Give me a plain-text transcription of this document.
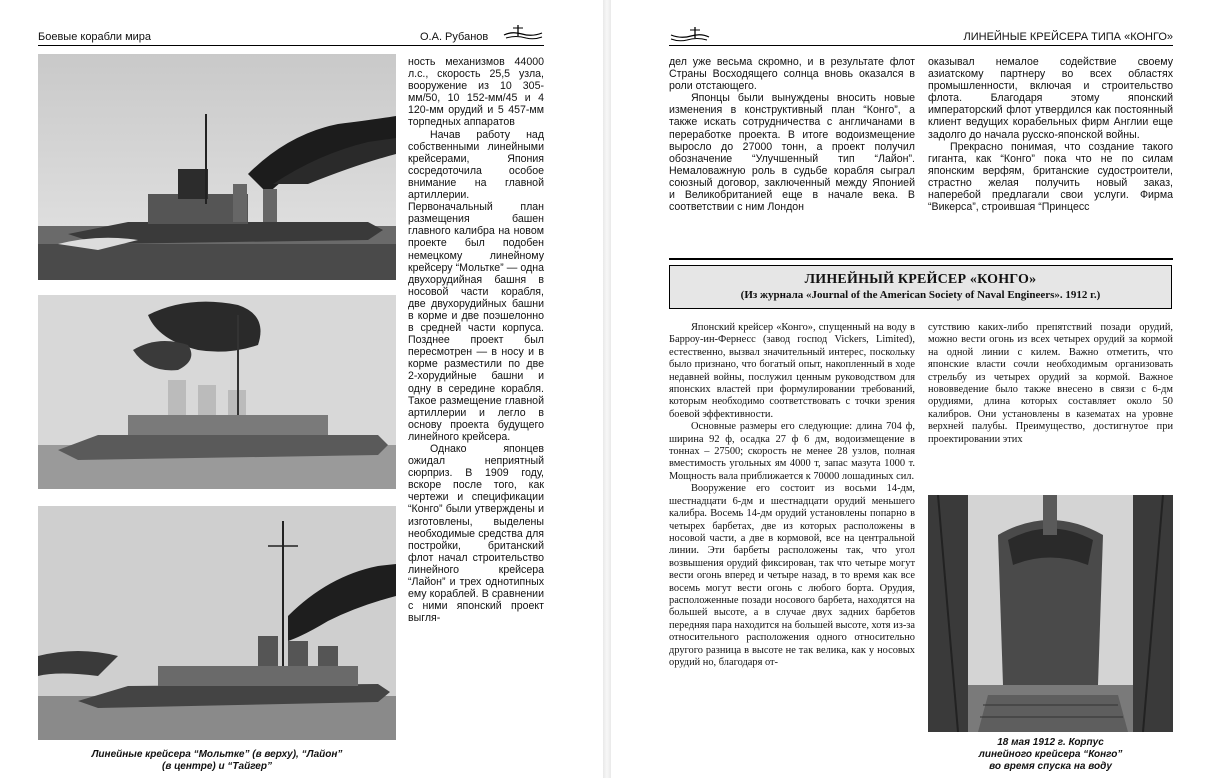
Боевые корабли мира	О.А. Рубанов
Линейные крейсера “Мольтке” (в верху), “Лайон”
(в центре) и “Тайгер”

ность механизмов 44000 л.с., скорость 25,5 узла, вооружение из 10 305-мм/50, 10 152-мм/45 и 4 120-мм орудий и 5 457-мм торпедных аппаратов

Начав работу над собственными линейными крейсерами, Япония сосредоточила особое внимание на главной артиллерии. Первоначальный план размещения башен главного калибра на новом проекте был подобен немецкому линейному крейсеру “Мольтке” — одна двухорудийная башня в носовой части корабля, две двухорудийных башни в корме и две поэшелонно в средней части корпуса. Позднее проект был пересмотрен — в носу и в корме разместили по две 2-хорудийные башни и одну в середине корабля. Такое размещение главной артиллерии и легло в основу проекта будущего линейного крейсера.

Однако японцев ожидал неприятный сюрприз. В 1909 году, вскоре после того, как чертежи и спецификации “Конго” были утверждены и изготовлены, выделены необходимые средства для постройки, британский флот начал строительство линейного крейсера “Лайон” и трех однотипных ему кораблей. В сравнении с ними японский проект выгля-

ЛИНЕЙНЫЕ КРЕЙСЕРА ТИПА «КОНГО»

дел уже весьма скромно, и в результате флот Страны Восходящего солнца вновь оказался в роли отстающего.

Японцы были вынуждены вносить новые изменения в конструктивный план “Конго”, а также искать сотрудничества с англичанами в переработке проекта. В итоге водоизмещение выросло до 27000 тонн, а проект получил обозначение “Улучшенный тип “Лайон”. Немаловажную роль в судьбе корабля сыграл союзный договор, заключенный между Японией и Великобританией еще в начале века. В соответствии с ним Лондон

оказывал немалое содействие своему азиатскому партнеру во всех областях промышленности, включая и строительство флота. Благодаря этому японский императорский флот утвердился как постоянный клиент ведущих корабельных фирм Англии еще задолго до начала русско-японской войны.

Прекрасно понимая, что создание такого гиганта, как “Конго” пока что не по силам японским верфям, британские судостроители, страстно желая получить новый заказ, наперебой предлагали свои услуги. Фирма “Викерса”, строившая “Принцесс

ЛИНЕЙНЫЙ КРЕЙСЕР «КОНГО»
(Из журнала «Journal of the American Society of Naval Engineers». 1912 г.)

Японский крейсер «Конго», спущенный на воду в Барроу-ин-Фернесс (завод господ Vickers, Limited), естественно, вызвал значительный интерес, поскольку было признано, что богатый опыт, накопленный в ходе недавней войны, послужил ценным руководством для японских властей при формулировании требований, которым необходимо соответствовать с точки зрения боевой эффективности.

Основные размеры его следующие: длина 704 ф, ширина 92 ф, осадка 27 ф 6 дм, водоизмещение в тоннах – 27500; скорость не менее 28 узлов, полная вместимость угольных ям 4000 т, запас мазута 1000 т. Мощность вала приближается к 70000 лошадиных сил.

Вооружение его состоит из восьми 14-дм, шестнадцати 6-дм и шестнадцати орудий меньшего калибра. Восемь 14-дм орудий установлены попарно в четырех барбетах, две из которых расположены в носовой части, а две в кормовой, все на центральной линии. Эти барбеты расположены так, что угол возвышения орудий фиксирован, так что четыре могут вести огонь вперед и четыре назад, в то время как все восемь могут вести огонь с любого борта. Орудия, расположенные позади носового барбета, находятся на большей высоте, а в случае двух задних барбетов передняя пара находится на большей высоте, хотя из-за относительного расположения одного относительно другого разница в высоте не так велика, как у носовых орудий но, благодаря от-

сутствию каких-либо препятствий позади орудий, можно вести огонь из всех четырех орудий за кормой на одной линии с килем. Важно отметить, что японские власти сочли необходимым организовать стрельбу из четырех орудий за кормой. Важное нововведение было также внесено в связи с 6-дм орудиями, длина которых составляет около 50 калибров. Они установлены в казематах на уровне верхней палубы. Преимущество, достигнутое при проектировании этих

18 мая 1912 г. Корпус
линейного крейсера “Конго”
во время спуска на воду
